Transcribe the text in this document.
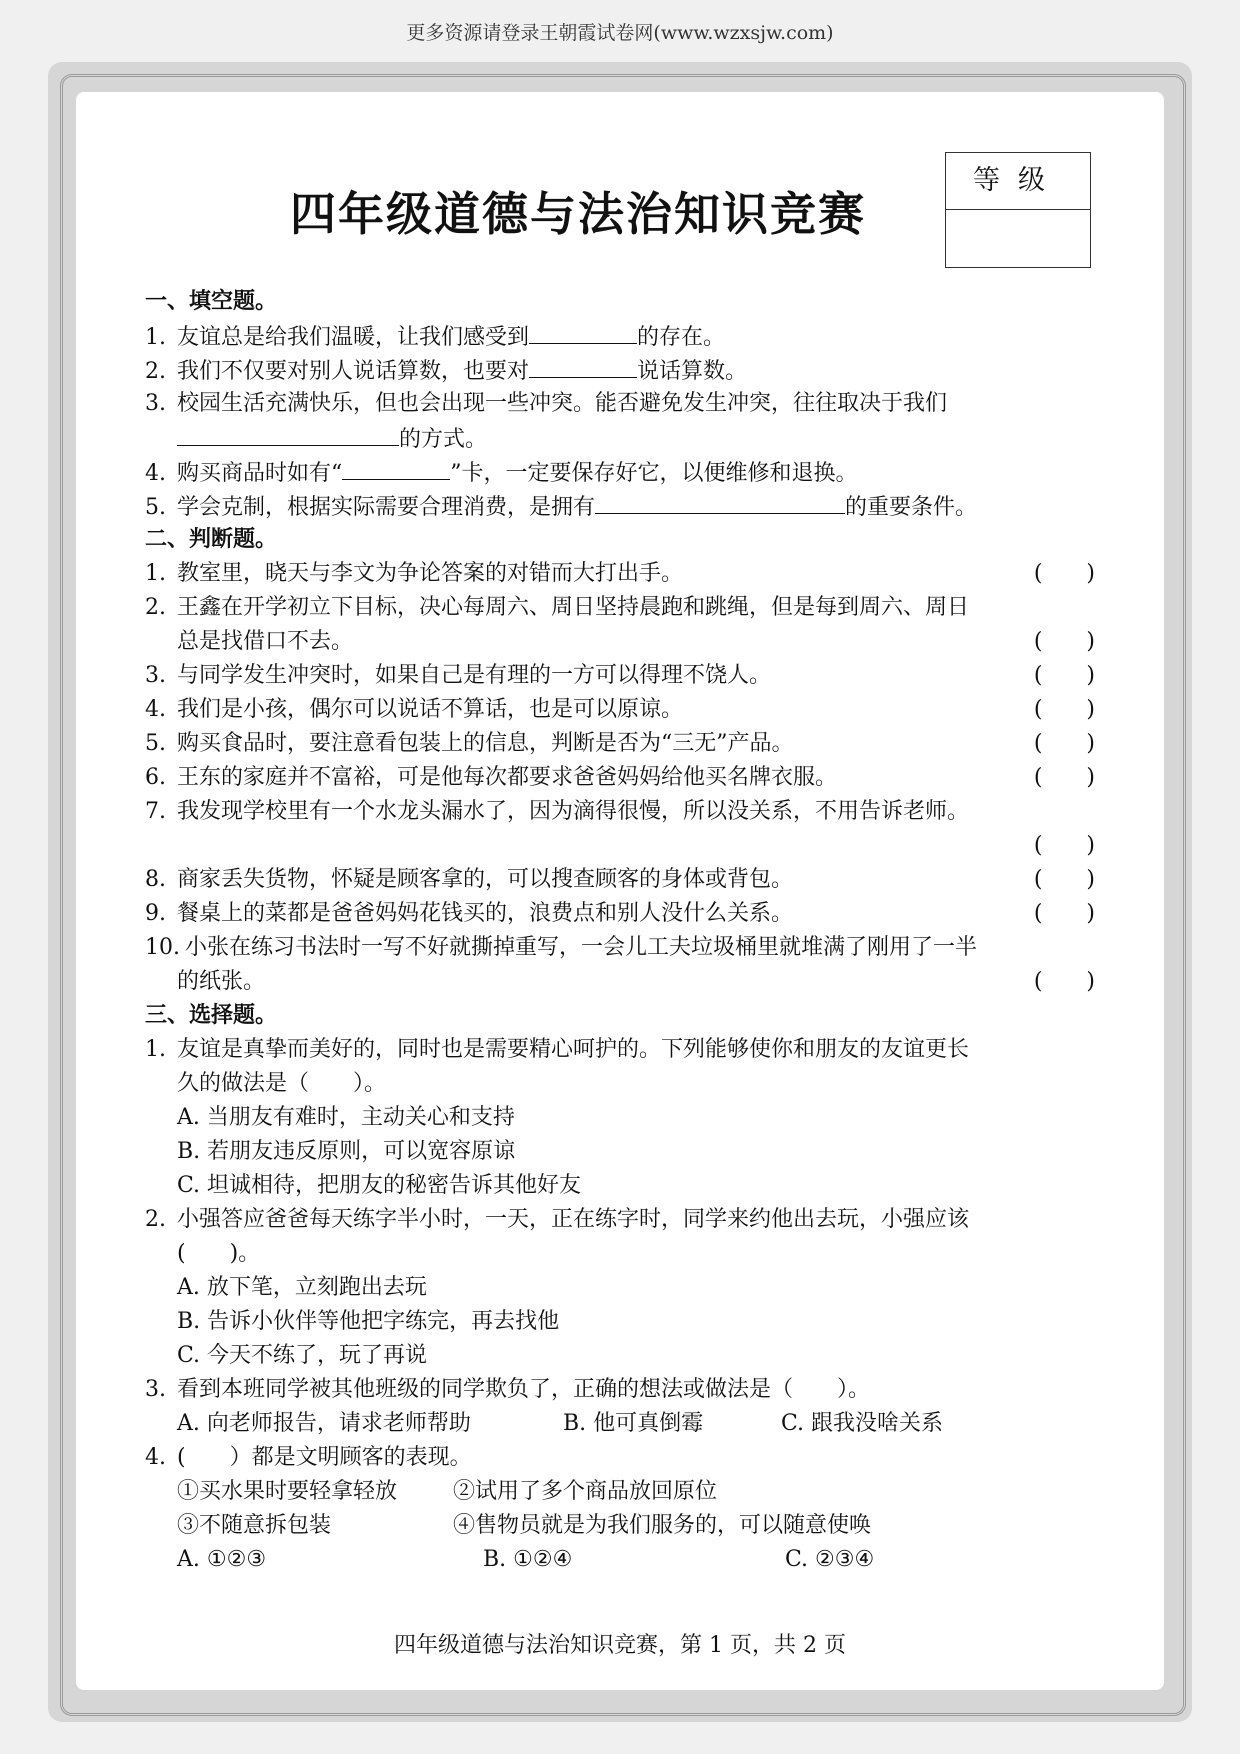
更多资源请登录王朝霞试卷网(www.wzxsjw.com)
四年级道德与法治知识竞赛
等级
一、填空题。
1. 友谊总是给我们温暖，让我们感受到	的存在。
2. 我们不仅要对别人说话算数，也要对	说话算数。
3. 校园生活充满快乐，但也会出现一些冲突。能否避免发生冲突，往往取决于我们
的方式。
4. 购买商品时如有“	”卡，一定要保存好它，以便维修和退换。
5. 学会克制，根据实际需要合理消费，是拥有	的重要条件。
二、判断题。
1. 教室里，晓天与李文为争论答案的对错而大打出手。	(　　)
2. 王鑫在开学初立下目标，决心每周六、周日坚持晨跑和跳绳，但是每到周六、周日
总是找借口不去。	(　　)
3. 与同学发生冲突时，如果自己是有理的一方可以得理不饶人。	(　　)
4. 我们是小孩，偶尔可以说话不算话，也是可以原谅。	(　　)
5. 购买食品时，要注意看包装上的信息，判断是否为“三无”产品。	(　　)
6. 王东的家庭并不富裕，可是他每次都要求爸爸妈妈给他买名牌衣服。	(　　)
7. 我发现学校里有一个水龙头漏水了，因为滴得很慢，所以没关系，不用告诉老师。
(　　)
8. 商家丢失货物，怀疑是顾客拿的，可以搜查顾客的身体或背包。	(　　)
9. 餐桌上的菜都是爸爸妈妈花钱买的，浪费点和别人没什么关系。	(　　)
10. 小张在练习书法时一写不好就撕掉重写，一会儿工夫垃圾桶里就堆满了刚用了一半
的纸张。	(　　)
三、选择题。
1. 友谊是真挚而美好的，同时也是需要精心呵护的。下列能够使你和朋友的友谊更长
久的做法是（　　）。
A. 当朋友有难时，主动关心和支持
B. 若朋友违反原则，可以宽容原谅
C. 坦诚相待，把朋友的秘密告诉其他好友
2. 小强答应爸爸每天练字半小时，一天，正在练字时，同学来约他出去玩，小强应该
(　　)。
A. 放下笔，立刻跑出去玩
B. 告诉小伙伴等他把字练完，再去找他
C. 今天不练了，玩了再说
3. 看到本班同学被其他班级的同学欺负了，正确的想法或做法是（　　）。
A. 向老师报告，请求老师帮助	B. 他可真倒霉	C. 跟我没啥关系
4. (　　）都是文明顾客的表现。
①买水果时要轻拿轻放	②试用了多个商品放回原位
③不随意拆包装	④售物员就是为我们服务的，可以随意使唤
A. ①②③	B. ①②④	C. ②③④
四年级道德与法治知识竞赛，第 1 页，共 2 页
